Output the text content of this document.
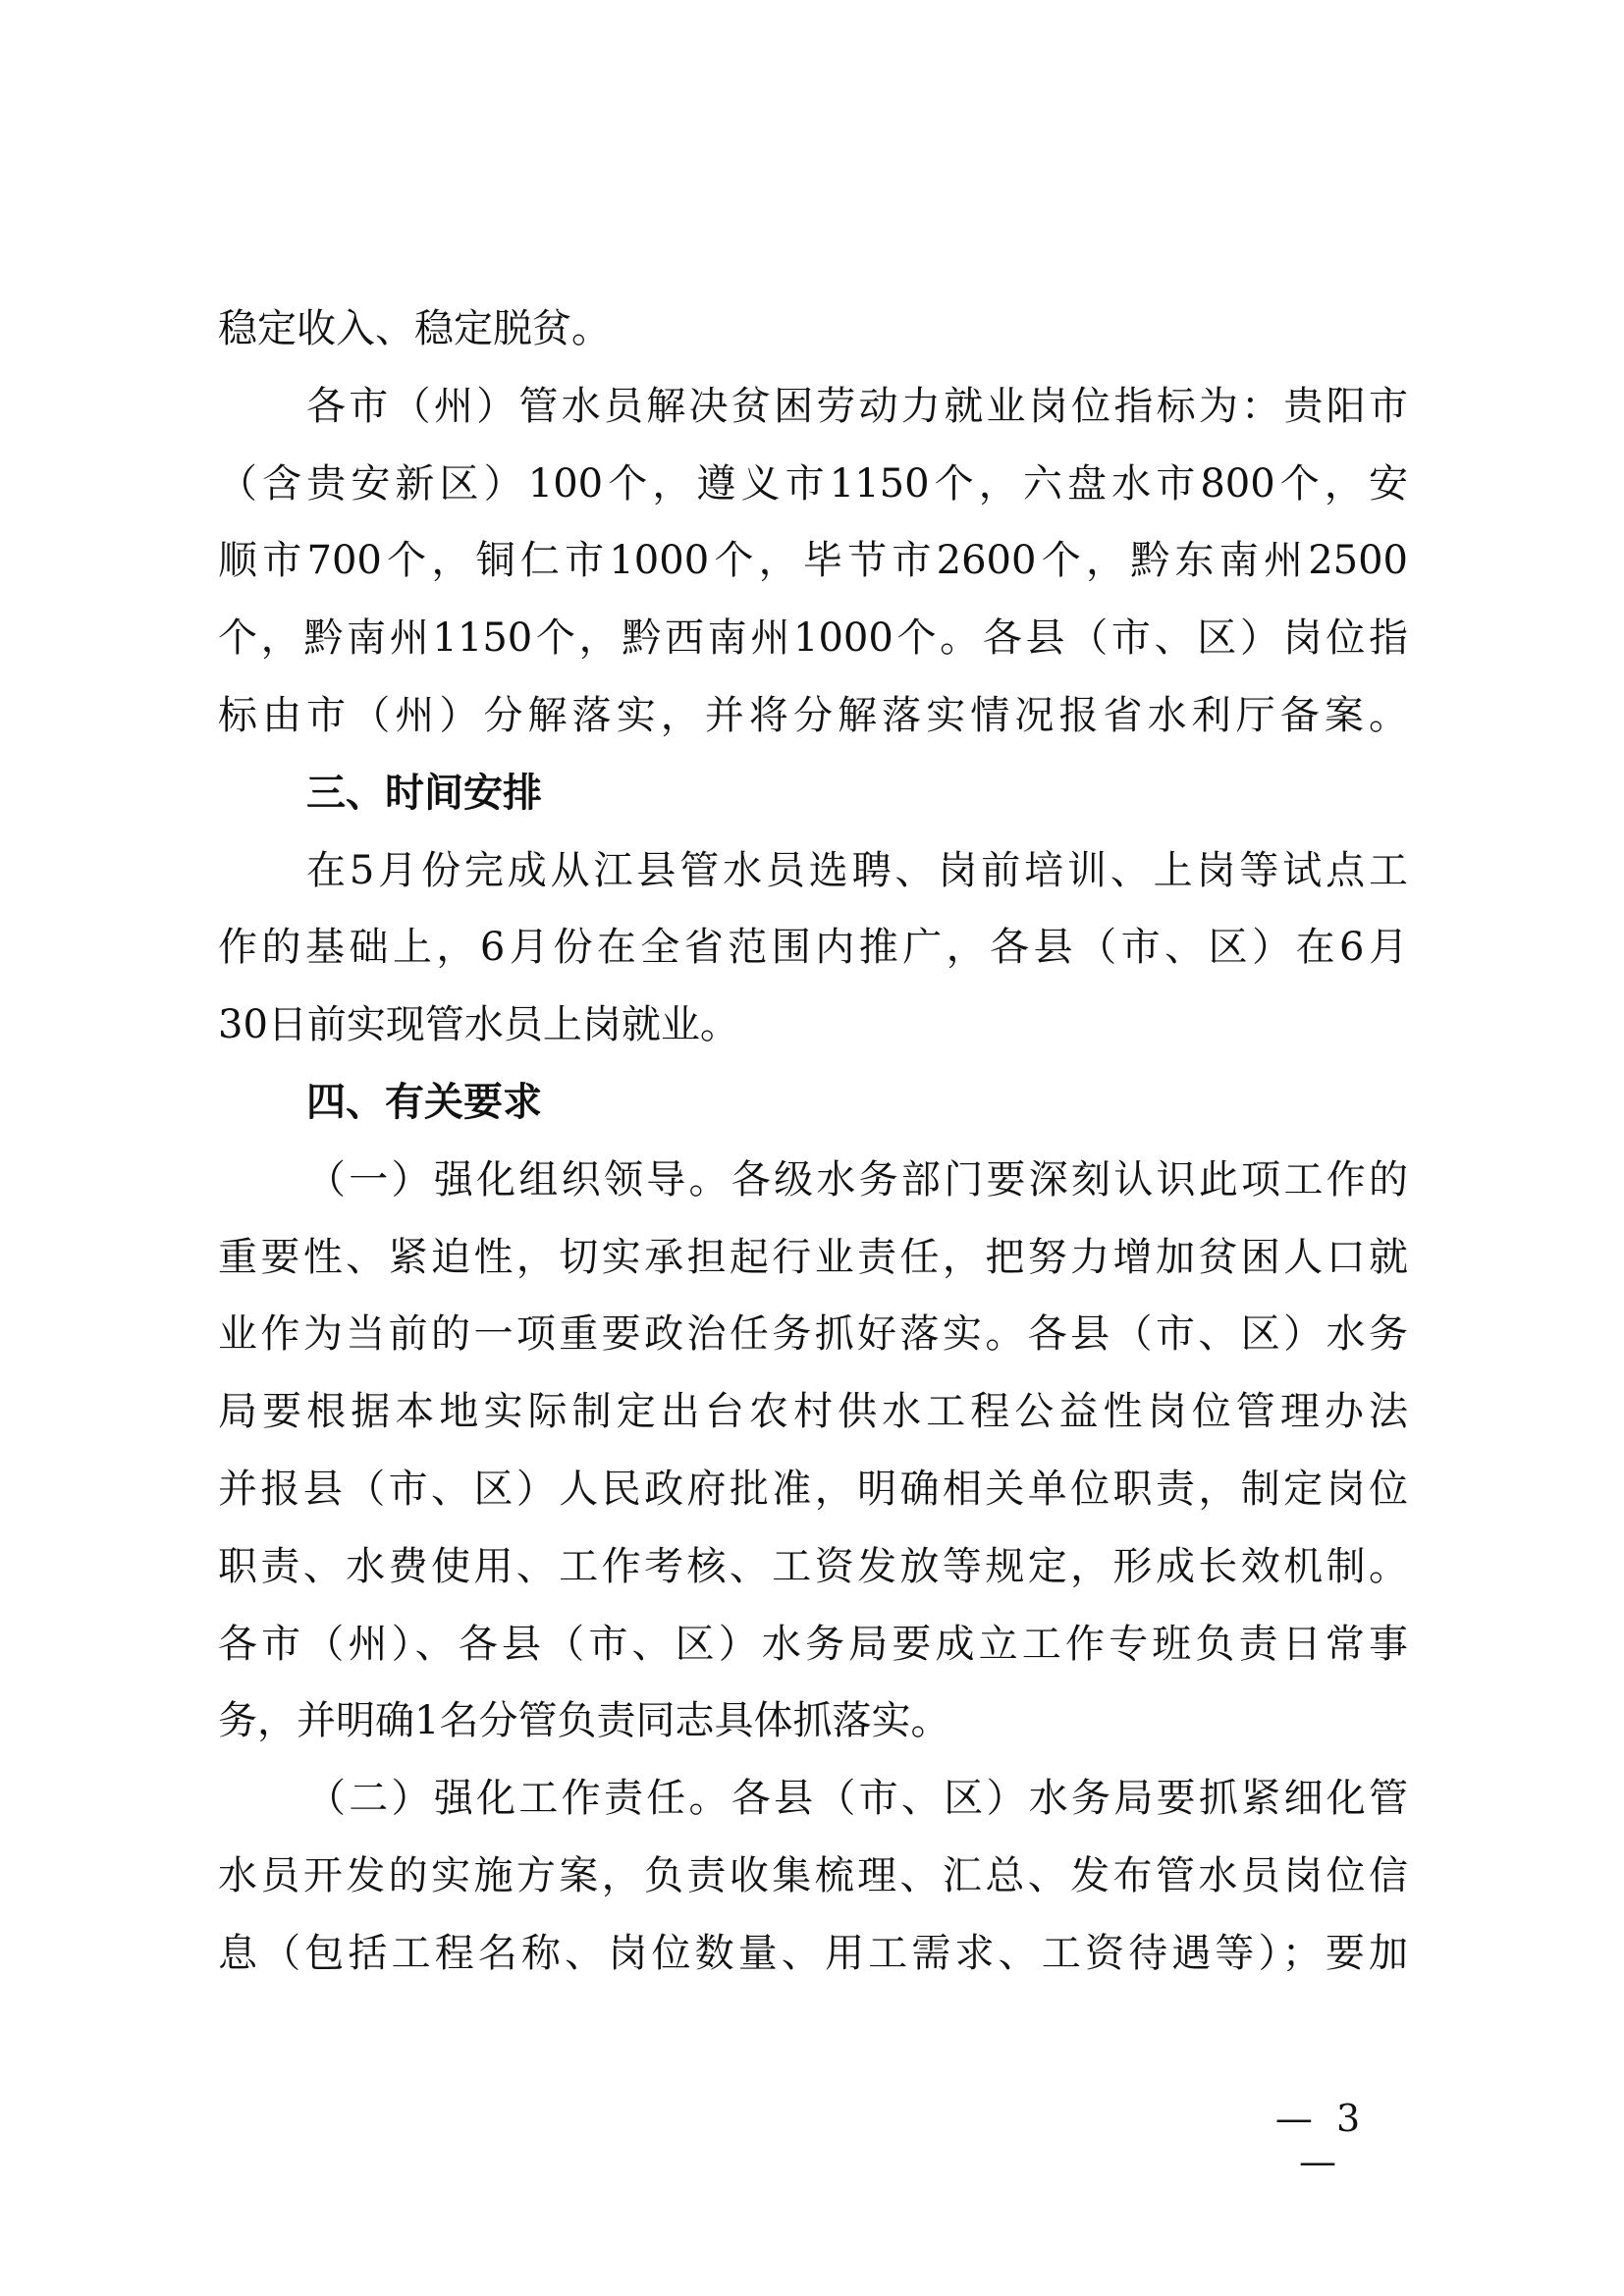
稳定收入、稳定脱贫。
各市（州）管水员解决贫困劳动力就业岗位指标为：贵阳市
（含贵安新区）100个，遵义市1150个，六盘水市800个，安
顺市700个，铜仁市1000个，毕节市2600个，黔东南州2500
个，黔南州1150个，黔西南州1000个。各县（市、区）岗位指
标由市（州）分解落实，并将分解落实情况报省水利厅备案。
三、时间安排
在5月份完成从江县管水员选聘、岗前培训、上岗等试点工
作的基础上，6月份在全省范围内推广，各县（市、区）在6月
30日前实现管水员上岗就业。
四、有关要求
（一）强化组织领导。各级水务部门要深刻认识此项工作的
重要性、紧迫性，切实承担起行业责任，把努力增加贫困人口就
业作为当前的一项重要政治任务抓好落实。各县（市、区）水务
局要根据本地实际制定出台农村供水工程公益性岗位管理办法
并报县（市、区）人民政府批准，明确相关单位职责，制定岗位
职责、水费使用、工作考核、工资发放等规定，形成长效机制。
各市（州）、各县（市、区）水务局要成立工作专班负责日常事
务，并明确1名分管负责同志具体抓落实。
（二）强化工作责任。各县（市、区）水务局要抓紧细化管
水员开发的实施方案，负责收集梳理、汇总、发布管水员岗位信
息（包括工程名称、岗位数量、用工需求、工资待遇等）；要加
— 3 —
